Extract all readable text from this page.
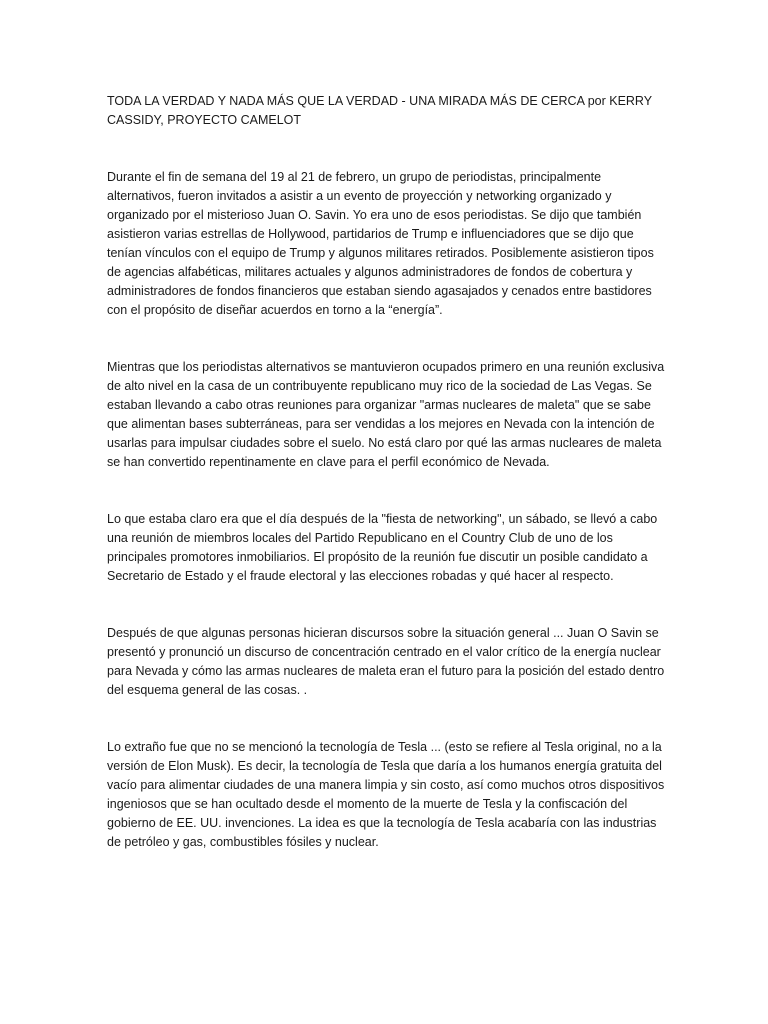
TODA LA VERDAD Y NADA MÁS QUE LA VERDAD - UNA MIRADA MÁS DE CERCA por KERRY CASSIDY, PROYECTO CAMELOT

Durante el fin de semana del 19 al 21 de febrero, un grupo de periodistas, principalmente alternativos, fueron invitados a asistir a un evento de proyección y networking organizado y organizado por el misterioso Juan O. Savin. Yo era uno de esos periodistas. Se dijo que también asistieron varias estrellas de Hollywood, partidarios de Trump e influenciadores que se dijo que tenían vínculos con el equipo de Trump y algunos militares retirados. Posiblemente asistieron tipos de agencias alfabéticas, militares actuales y algunos administradores de fondos de cobertura y administradores de fondos financieros que estaban siendo agasajados y cenados entre bastidores con el propósito de diseñar acuerdos en torno a la “energía”.

Mientras que los periodistas alternativos se mantuvieron ocupados primero en una reunión exclusiva de alto nivel en la casa de un contribuyente republicano muy rico de la sociedad de Las Vegas. Se estaban llevando a cabo otras reuniones para organizar "armas nucleares de maleta" que se sabe que alimentan bases subterráneas, para ser vendidas a los mejores en Nevada con la intención de usarlas para impulsar ciudades sobre el suelo. No está claro por qué las armas nucleares de maleta se han convertido repentinamente en clave para el perfil económico de Nevada.

Lo que estaba claro era que el día después de la "fiesta de networking", un sábado, se llevó a cabo una reunión de miembros locales del Partido Republicano en el Country Club de uno de los principales promotores inmobiliarios. El propósito de la reunión fue discutir un posible candidato a Secretario de Estado y el fraude electoral y las elecciones robadas y qué hacer al respecto.

Después de que algunas personas hicieran discursos sobre la situación general ... Juan O Savin se presentó y pronunció un discurso de concentración centrado en el valor crítico de la energía nuclear para Nevada y cómo las armas nucleares de maleta eran el futuro para la posición del estado dentro del esquema general de las cosas. .

Lo extraño fue que no se mencionó la tecnología de Tesla ... (esto se refiere al Tesla original, no a la versión de Elon Musk). Es decir, la tecnología de Tesla que daría a los humanos energía gratuita del vacío para alimentar ciudades de una manera limpia y sin costo, así como muchos otros dispositivos ingeniosos que se han ocultado desde el momento de la muerte de Tesla y la confiscación del gobierno de EE. UU. invenciones. La idea es que la tecnología de Tesla acabaría con las industrias de petróleo y gas, combustibles fósiles y nuclear.
